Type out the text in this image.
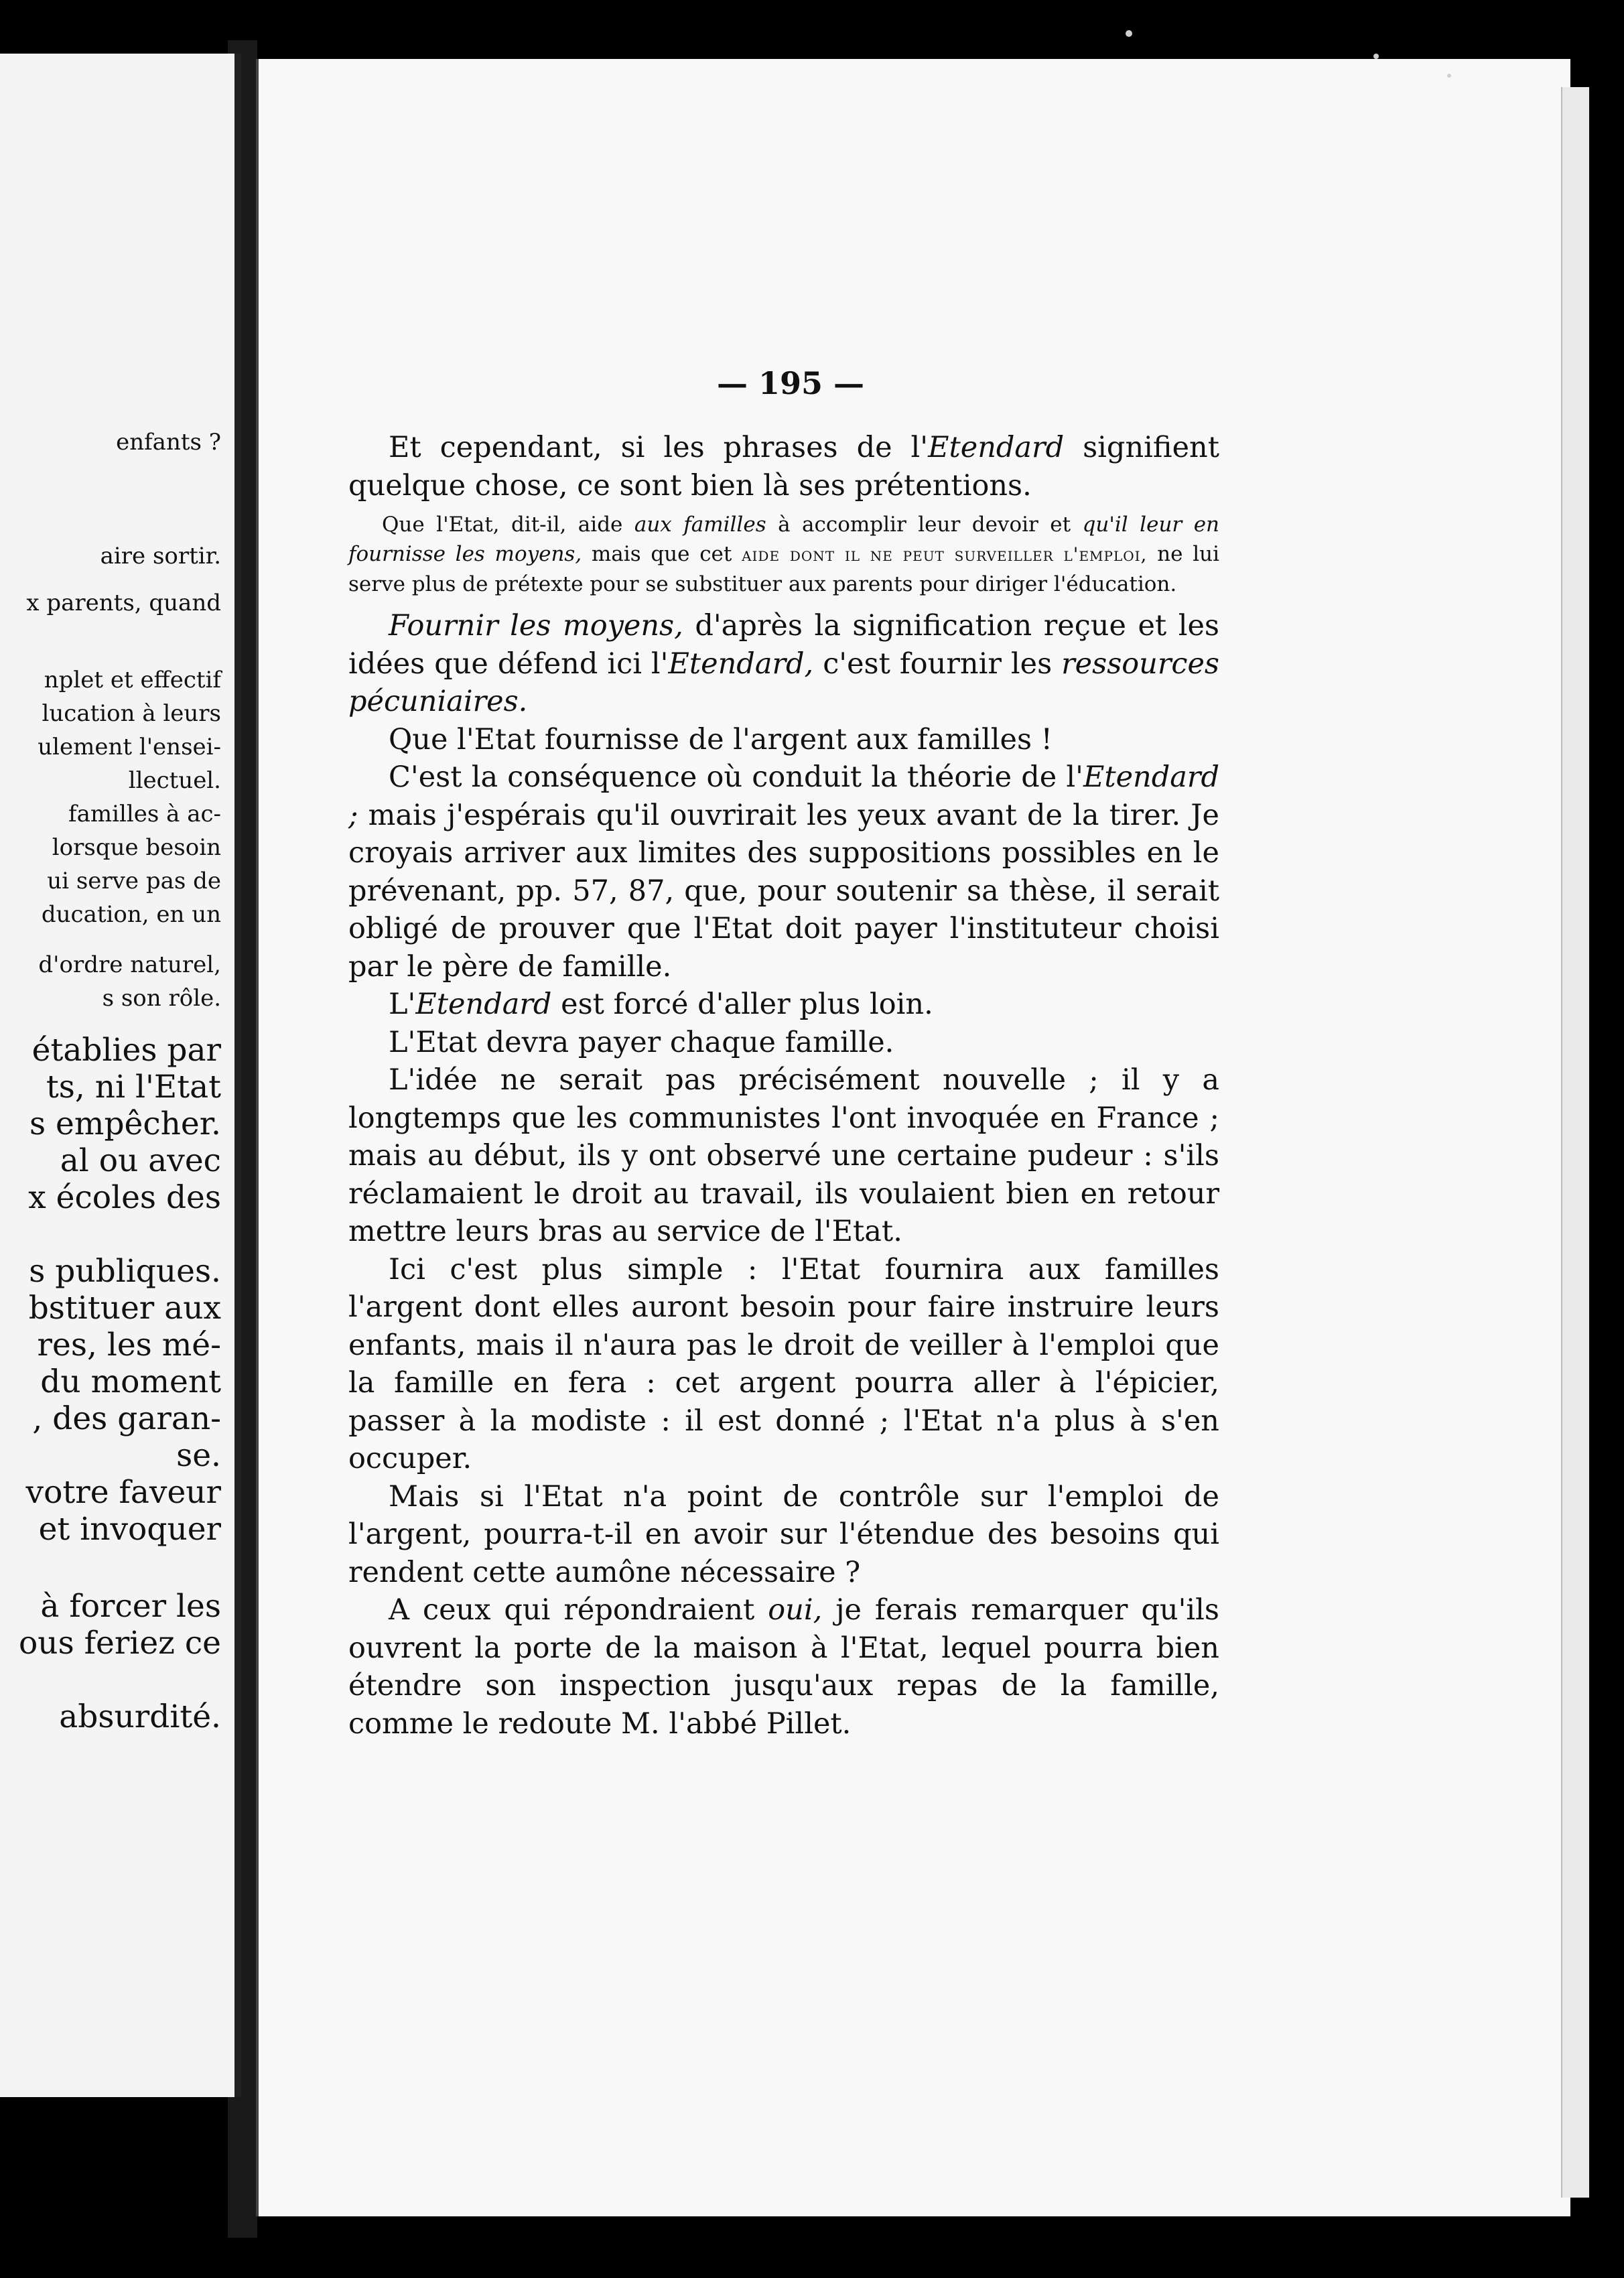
enfants ?
aire sortir.
x parents, quand
nplet et effectif
lucation à leurs
ulement l'ensei-
llectuel.
familles à ac-
lorsque besoin
ui serve pas de
ducation, en un
d'ordre naturel,
s son rôle.
établies par
ts, ni l'Etat
s empêcher.
al ou avec
x écoles des
s publiques.
bstituer aux
res, les mé-
du moment
, des garan-
se.
votre faveur
et invoquer
à forcer les
ous feriez ce
absurdité.
— 195 —

Et cependant, si les phrases de l'Etendard signifient quelque chose, ce sont bien là ses prétentions.

Que l'Etat, dit-il, aide aux familles à accomplir leur devoir et qu'il leur en fournisse les moyens, mais que cet aide dont il ne peut surveiller l'emploi, ne lui serve plus de prétexte pour se substituer aux parents pour diriger l'éducation.

Fournir les moyens, d'après la signification reçue et les idées que défend ici l'Etendard, c'est fournir les ressources pécuniaires.

Que l'Etat fournisse de l'argent aux familles !

C'est la conséquence où conduit la théorie de l'Etendard ; mais j'espérais qu'il ouvrirait les yeux avant de la tirer. Je croyais arriver aux limites des suppositions possibles en le prévenant, pp. 57, 87, que, pour soutenir sa thèse, il serait obligé de prouver que l'Etat doit payer l'instituteur choisi par le père de famille.

L'Etendard est forcé d'aller plus loin.

L'Etat devra payer chaque famille.

L'idée ne serait pas précisément nouvelle ; il y a longtemps que les communistes l'ont invoquée en France ; mais au début, ils y ont observé une certaine pudeur : s'ils réclamaient le droit au travail, ils voulaient bien en retour mettre leurs bras au service de l'Etat.

Ici c'est plus simple : l'Etat fournira aux familles l'argent dont elles auront besoin pour faire instruire leurs enfants, mais il n'aura pas le droit de veiller à l'emploi que la famille en fera : cet argent pourra aller à l'épicier, passer à la modiste : il est donné ; l'Etat n'a plus à s'en occuper.

Mais si l'Etat n'a point de contrôle sur l'emploi de l'argent, pourra-t-il en avoir sur l'étendue des besoins qui rendent cette aumône nécessaire ?

A ceux qui répondraient oui, je ferais remarquer qu'ils ouvrent la porte de la maison à l'Etat, lequel pourra bien étendre son inspection jusqu'aux repas de la famille, comme le redoute M. l'abbé Pillet.
